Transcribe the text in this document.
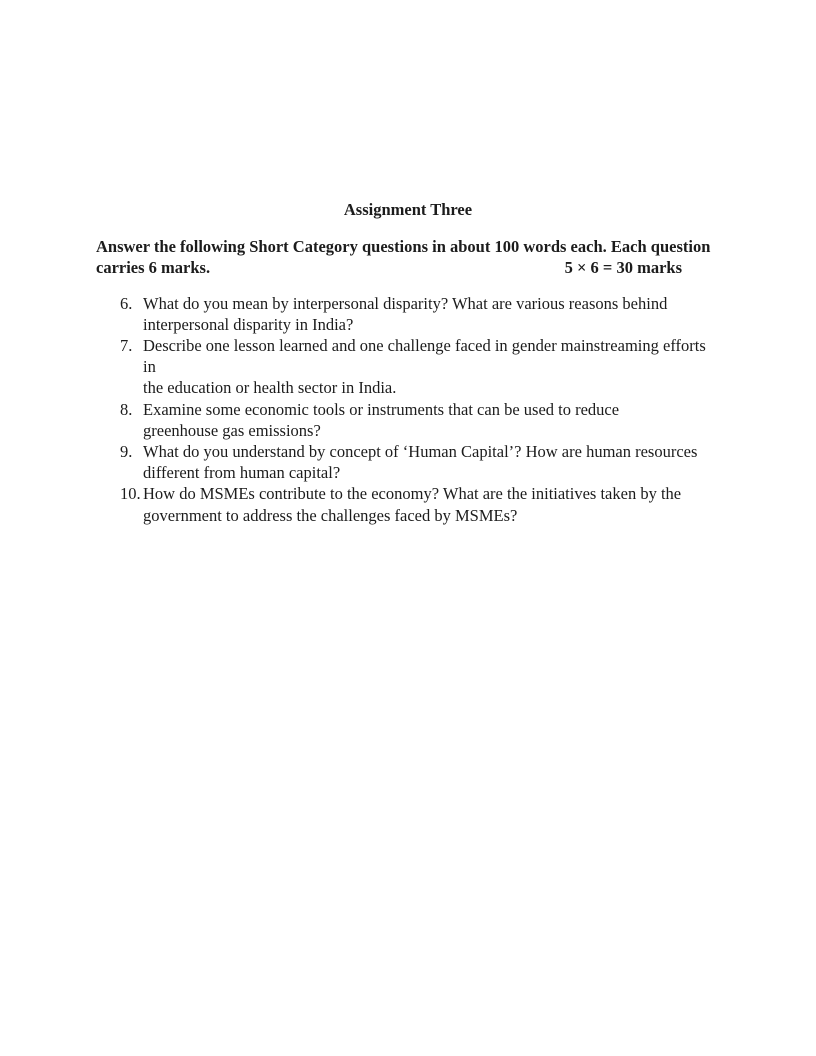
Assignment Three
Answer the following Short Category questions in about 100 words each. Each question
carries 6 marks.	5 × 6 = 30 marks
6. What do you mean by interpersonal disparity? What are various reasons behind
interpersonal disparity in India?
7. Describe one lesson learned and one challenge faced in gender mainstreaming efforts in
the education or health sector in India.
8. Examine some economic tools or instruments that can be used to reduce
greenhouse gas emissions?
9. What do you understand by concept of ‘Human Capital’? How are human resources
different from human capital?
10. How do MSMEs contribute to the economy? What are the initiatives taken by the
government to address the challenges faced by MSMEs?
